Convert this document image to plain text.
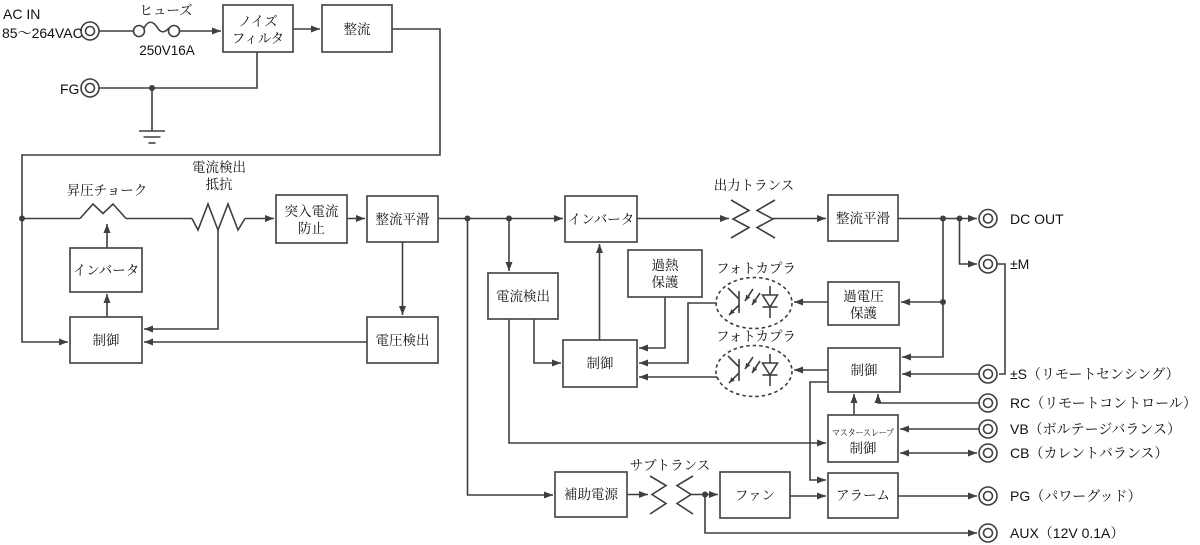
ノイズ
フィルタ
整流
突入電流
防止
整流平滑
インバータ
制御	電圧検出
インバータ
電流検出
過熱
保護
制御
整流平滑
過電圧
保護
制御
マスタースレーブ
制御
アラーム
ファン
補助電源
AC IN
85～264VAC
FG
ヒューズ
250V16A
昇圧チョーク
電流検出
抵抗	出力トランス
フォトカプラ
フォトカプラ
サブトランス
DC OUT
±M
±S（リモートセンシング）
RC（リモートコントロール）
VB（ボルテージバランス）
CB（カレントバランス）
PG（パワーグッド）
AUX（12V 0.1A）
